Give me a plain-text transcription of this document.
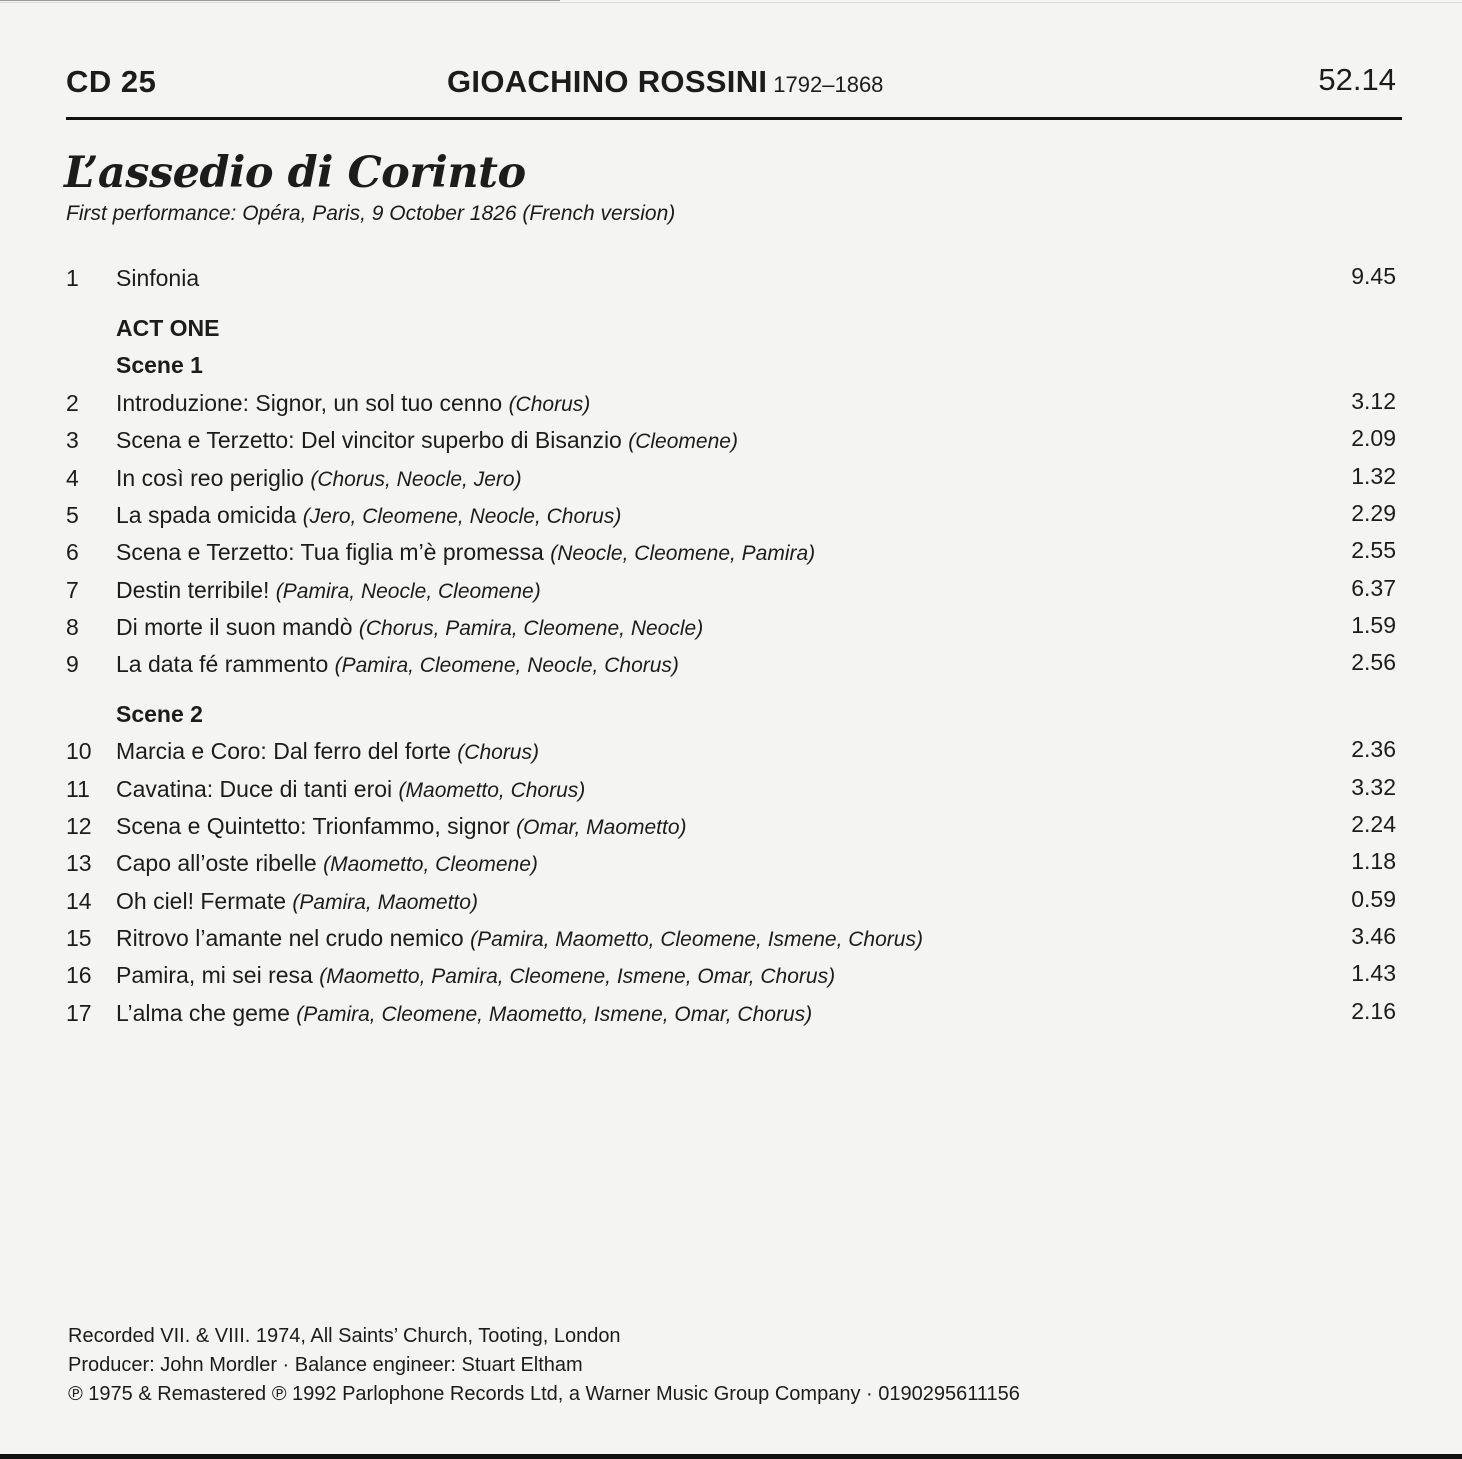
CD 25	GIOACHINO ROSSINI 1792–1868	52.14
L’assedio di Corinto
First performance: Opéra, Paris, 9 October 1826 (French version)
1 Sinfonia	9.45
ACT ONE
Scene 1
2 Introduzione: Signor, un sol tuo cenno (Chorus)	3.12
3 Scena e Terzetto: Del vincitor superbo di Bisanzio (Cleomene)	2.09
4 In così reo periglio (Chorus, Neocle, Jero)	1.32
5 La spada omicida (Jero, Cleomene, Neocle, Chorus)	2.29
6 Scena e Terzetto: Tua figlia m’è promessa (Neocle, Cleomene, Pamira)	2.55
7 Destin terribile! (Pamira, Neocle, Cleomene)	6.37
8 Di morte il suon mandò (Chorus, Pamira, Cleomene, Neocle)	1.59
9 La data fé rammento (Pamira, Cleomene, Neocle, Chorus)	2.56
Scene 2
10 Marcia e Coro: Dal ferro del forte (Chorus)	2.36
11 Cavatina: Duce di tanti eroi (Maometto, Chorus)	3.32
12 Scena e Quintetto: Trionfammo, signor (Omar, Maometto)	2.24
13 Capo all’oste ribelle (Maometto, Cleomene)	1.18
14 Oh ciel! Fermate (Pamira, Maometto)	0.59
15 Ritrovo l’amante nel crudo nemico (Pamira, Maometto, Cleomene, Ismene, Chorus)	3.46
16 Pamira, mi sei resa (Maometto, Pamira, Cleomene, Ismene, Omar, Chorus)	1.43
17 L’alma che geme (Pamira, Cleomene, Maometto, Ismene, Omar, Chorus)	2.16
Recorded VII. & VIII. 1974, All Saints’ Church, Tooting, London
Producer: John Mordler · Balance engineer: Stuart Eltham
℗ 1975 & Remastered ℗ 1992 Parlophone Records Ltd, a Warner Music Group Company · 0190295611156
